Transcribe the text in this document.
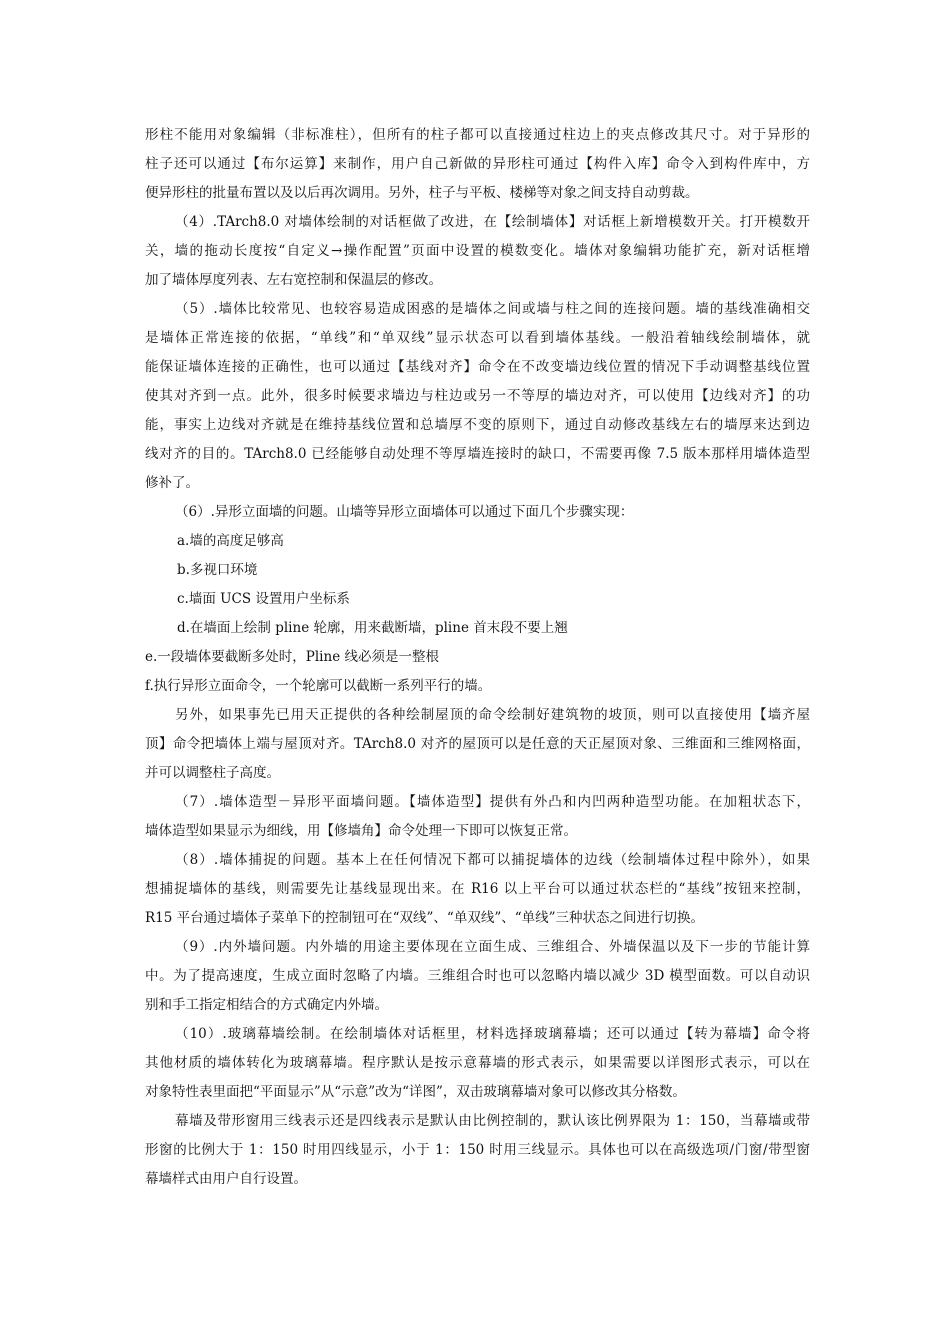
形柱不能用对象编辑（非标准柱），但所有的柱子都可以直接通过柱边上的夹点修改其尺寸。对于异形的
柱子还可以通过【布尔运算】来制作，用户自己新做的异形柱可通过【构件入库】命令入到构件库中，方
便异形柱的批量布置以及以后再次调用。另外，柱子与平板、楼梯等对象之间支持自动剪裁。
（4）.TArch8.0 对墙体绘制的对话框做了改进，在【绘制墙体】对话框上新增模数开关。打开模数开
关，墙的拖动长度按“自定义→操作配置”页面中设置的模数变化。墙体对象编辑功能扩充，新对话框增
加了墙体厚度列表、左右宽控制和保温层的修改。
（5）.墙体比较常见、也较容易造成困惑的是墙体之间或墙与柱之间的连接问题。墙的基线准确相交
是墙体正常连接的依据，“单线”和“单双线”显示状态可以看到墙体基线。一般沿着轴线绘制墙体，就
能保证墙体连接的正确性，也可以通过【基线对齐】命令在不改变墙边线位置的情况下手动调整基线位置
使其对齐到一点。此外，很多时候要求墙边与柱边或另一不等厚的墙边对齐，可以使用【边线对齐】的功
能，事实上边线对齐就是在维持基线位置和总墙厚不变的原则下，通过自动修改基线左右的墙厚来达到边
线对齐的目的。TArch8.0 已经能够自动处理不等厚墙连接时的缺口，不需要再像 7.5 版本那样用墙体造型
修补了。
（6）.异形立面墙的问题。山墙等异形立面墙体可以通过下面几个步骤实现：
a.墙的高度足够高
b.多视口环境
c.墙面 UCS 设置用户坐标系
d.在墙面上绘制 pline 轮廓，用来截断墙，pline 首末段不要上翘
e.一段墙体要截断多处时，Pline 线必须是一整根
f.执行异形立面命令，一个轮廓可以截断一系列平行的墙。
另外，如果事先已用天正提供的各种绘制屋顶的命令绘制好建筑物的坡顶，则可以直接使用【墙齐屋
顶】命令把墙体上端与屋顶对齐。TArch8.0 对齐的屋顶可以是任意的天正屋顶对象、三维面和三维网格面，
并可以调整柱子高度。
（7）.墙体造型－异形平面墙问题。【墙体造型】提供有外凸和内凹两种造型功能。在加粗状态下，
墙体造型如果显示为细线，用【修墙角】命令处理一下即可以恢复正常。
（8）.墙体捕捉的问题。基本上在任何情况下都可以捕捉墙体的边线（绘制墙体过程中除外），如果
想捕捉墙体的基线，则需要先让基线显现出来。在 R16 以上平台可以通过状态栏的“基线”按钮来控制，
R15 平台通过墙体子菜单下的控制钮可在“双线”、“单双线”、“单线”三种状态之间进行切换。
（9）.内外墙问题。内外墙的用途主要体现在立面生成、三维组合、外墙保温以及下一步的节能计算
中。为了提高速度，生成立面时忽略了内墙。三维组合时也可以忽略内墙以减少 3D 模型面数。可以自动识
别和手工指定相结合的方式确定内外墙。
（10）.玻璃幕墙绘制。在绘制墙体对话框里，材料选择玻璃幕墙；还可以通过【转为幕墙】命令将
其他材质的墙体转化为玻璃幕墙。程序默认是按示意幕墙的形式表示，如果需要以详图形式表示，可以在
对象特性表里面把“平面显示”从“示意”改为“详图”，双击玻璃幕墙对象可以修改其分格数。
幕墙及带形窗用三线表示还是四线表示是默认由比例控制的，默认该比例界限为 1：150，当幕墙或带
形窗的比例大于 1：150 时用四线显示，小于 1：150 时用三线显示。具体也可以在高级选项/门窗/带型窗
幕墙样式由用户自行设置。
